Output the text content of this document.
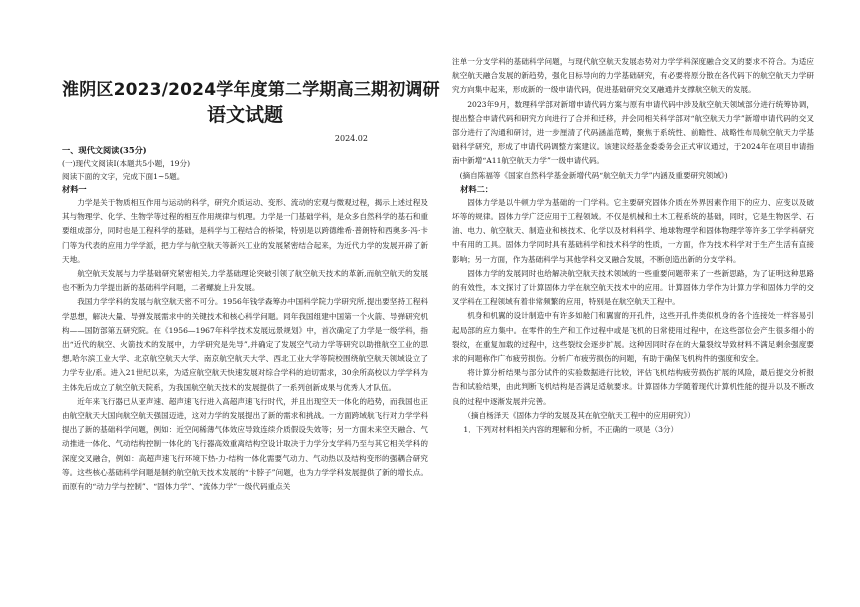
淮阴区2023/2024学年度第二学期高三期初调研
语文试题
2024.02
一、现代文阅读(35分)
(一)现代文阅读Ⅰ(本题共5小题，19分)
阅读下面的文字，完成下面1~5题。
材料一

力学是关于物质相互作用与运动的科学，研究介质运动、变形、流动的宏观与微观过程，揭示上述过程及其与物理学、化学、生物学等过程的相互作用规律与机理。力学是一门基础学科，是众多自然科学的基石和重要组成部分，同时也是工程科学的基础，是科学与工程结合的桥梁，特别是以跨德维希·普朗特和西奥多·冯·卡门等为代表的应用力学学派，把力学与航空航天等新兴工业的发展紧密结合起来，为近代力学的发展开辟了新天地。

航空航天发展与力学基础研究紧密相关,力学基础理论突破引领了航空航天技术的革新,而航空航天的发展也不断为力学提出新的基础科学问题，二者螺旋上升发展。

我国力学学科的发展与航空航天密不可分。1956年钱学森筹办中国科学院力学研究所,提出要坚持工程科学思想，解决大量、导弹发展需求中的关键技术和核心科学问题。同年我国组建中国第一个火箭、导弹研究机构——国防部第五研究院。在《1956—1967年科学技术发展远景规划》中，首次确定了力学是一级学科，指出“近代的航空、火箭技术的发展中，力学研究是先导”,并确定了发展空气动力学等研究以助推航空工业的思想,哈尔滨工业大学、北京航空航天大学、南京航空航天大学、西北工业大学等院校围绕航空航天领域设立了力学专业/系。进入21世纪以来，为适应航空航天快速发展对综合学科的迫切需求，30余所高校以力学学科为主体先后成立了航空航天院系，为我国航空航天技术的发展提供了一系列创新成果与优秀人才队伍。

近年来飞行器已从亚声速、超声速飞行进入高超声速飞行时代，并且出现空天一体化的趋势，而我国也正由航空航天大国向航空航天强国迈进，这对力学的发展提出了新的需求和挑战。一方面跨域航飞行对力学学科提出了新的基础科学问题，例如：近空间稀薄气体效应导致连续介质假设失效等；另一方面未来空天融合、气动推进一体化、气动结构控制一体化的飞行器高效重离结构空设计取决于力学分支学科乃至与其它相关学科的深度交叉融合，例如：高超声速飞行环境下热-力-结构一体化需要气动力、气动热以及结构变形的强耦合研究等。这些核心基础科学问题是制约航空航天技术发展的“卡脖子”问题，也为力学学科发展提供了新的增长点。而原有的“动力学与控制”、“固体力学”、“流体力学”一级代码重点关

注单一分支学科的基础科学问题，与现代航空航天发展态势对力学学科深度融合交叉的要求不符合。为适应航空航天融合发展的新趋势，强化目标导向的力学基础研究，有必要将原分散在各代码下的航空航天力学研究方向集中起来，形成新的一级申请代码，促进基础研究交叉融通并支撑航空航天的发展。

2023年9月，数理科学部对新增申请代码方案与原有申请代码中涉及航空航天领域部分进行统筹协调，提出整合申请代码和研究方向进行了合并和迁移，并会同相关科学部对“航空航天力学”新增申请代码的交叉部分进行了沟通和研讨，进一步厘清了代码涵盖范畴，聚焦于系统性、前瞻性、战略性布局航空航天力学基础科学研究，形成了申请代码调整方案建议。该建议经基金委委务会正式审议通过，于2024年在项目申请指南中新增“A11航空航天力学”一级申请代码。

(摘自陈福等《国家自然科学基金新增代码“航空航天力学”内涵及重要研究领域》)
材料二：

固体力学是以牛顿力学为基础的一门学科。它主要研究固体介质在外界因素作用下的应力、应变以及破坏等的规律。固体力学广泛应用于工程领域。不仅是机械和土木工程系统的基础，同时，它是生物医学、石油、电力、航空航天、制造业和核技术、化学以及材料科学、地球物理学和固体物理学等许多工学学科研究中有用的工具。固体力学同时具有基础科学和技术科学的性质，一方面，作为技术科学对于生产生活有直接影响；另一方面，作为基础科学与其他学科交叉融合发展，不断创造出新的分支学科。

固体力学的发展同时也给解决航空航天技术领域的一些重要问题带来了一些新思路，为了证明这种思路的有效性，本文探讨了计算固体力学在航空航天技术中的应用。计算固体力学作为计算力学和固体力学的交叉学科在工程领域有着非常频繁的应用，特别是在航空航天工程中。

机身和机翼的设计制造中有许多如舱门和翼窗的开孔件，这些开孔件类似机身的各个连接处一样容易引起局部的应力集中。在零件的生产和工作过程中或是飞机的日常使用过程中，在这些部位会产生很多细小的裂纹，在重复加载的过程中，这些裂纹会逐步扩展。这种因同时存在的大量裂纹导致材料不满足剩余强度要求的问题称作广布疲劳损伤。分析广布疲劳损伤的问题，有助于确保飞机构件的强度和安全。

将计算分析结果与部分试件的实验数据进行比较，评估飞机结构疲劳损伤扩展的风险，最后提交分析报告和试验结果，由此判断飞机结构是否满足适航要求。计算固体力学随着现代计算机性能的提升以及不断改良的过程中逐渐发展并完善。

（摘自杨泽天《固体力学的发展及其在航空航天工程中的应用研究》）
1．下列对材料相关内容的理解和分析，不正确的一项是（3分）
